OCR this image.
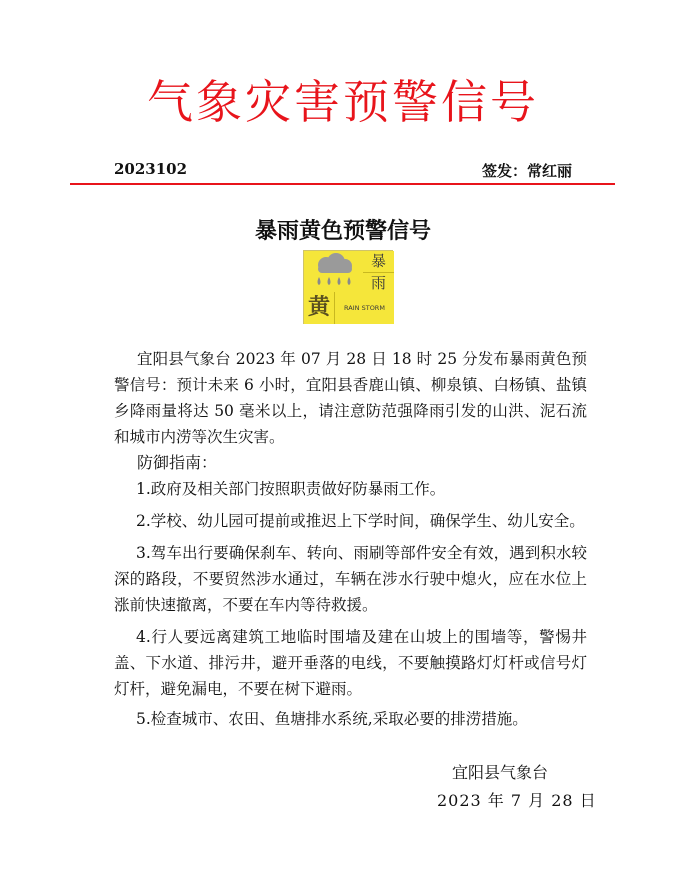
气象灾害预警信号
2023102	签发：常红丽
暴雨黄色预警信号
暴
雨
黄	RAIN STORM
宜阳县气象台 2023 年 07 月 28 日 18 时 25 分发布暴雨黄色预警信号：预计未来 6 小时，宜阳县香鹿山镇、柳泉镇、白杨镇、盐镇乡降雨量将达 50 毫米以上，请注意防范强降雨引发的山洪、泥石流和城市内涝等次生灾害。
防御指南：
1.政府及相关部门按照职责做好防暴雨工作。
2.学校、幼儿园可提前或推迟上下学时间，确保学生、幼儿安全。
3.驾车出行要确保刹车、转向、雨刷等部件安全有效，遇到积水较深的路段，不要贸然涉水通过，车辆在涉水行驶中熄火，应在水位上涨前快速撤离，不要在车内等待救援。
4.行人要远离建筑工地临时围墙及建在山坡上的围墙等，警惕井盖、下水道、排污井，避开垂落的电线，不要触摸路灯灯杆或信号灯灯杆，避免漏电，不要在树下避雨。
5.检查城市、农田、鱼塘排水系统,采取必要的排涝措施。
宜阳县气象台
2023 年 7 月 28 日
